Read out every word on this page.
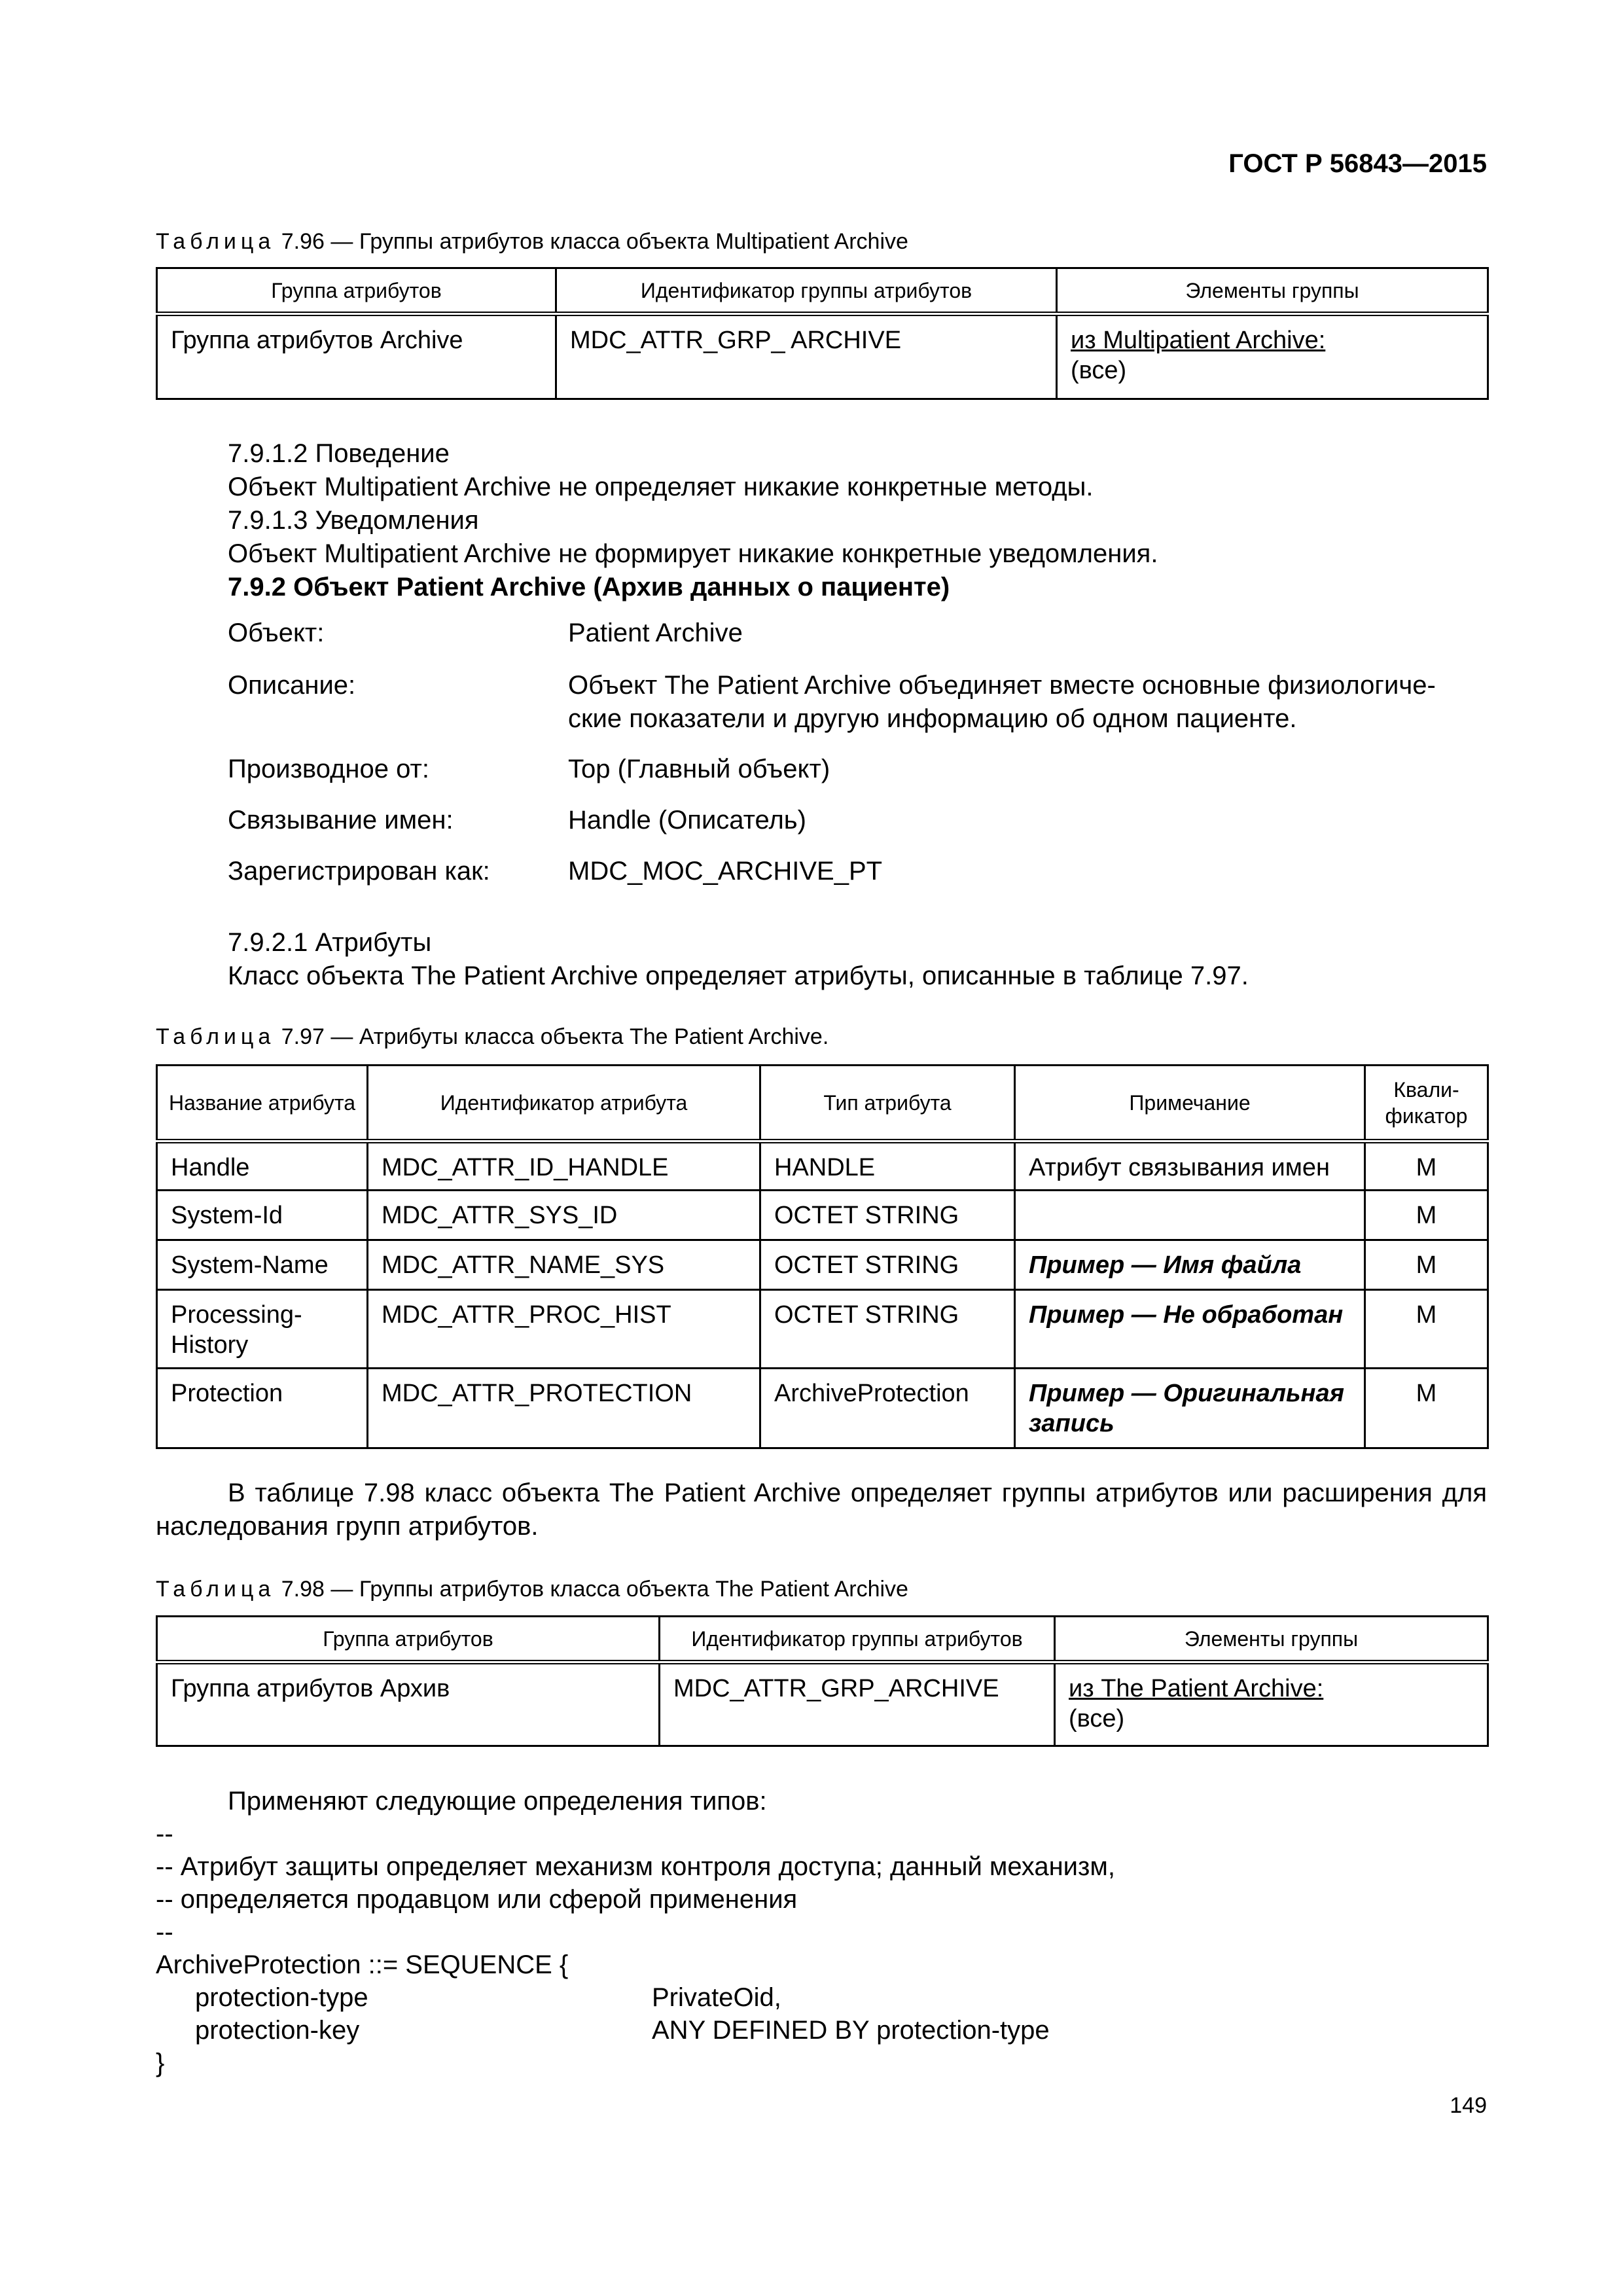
ГОСТ Р 56843—2015
Таблица 7.96 — Группы атрибутов класса объекта Multipatient Archive
Группа атрибутов	Идентификатор группы атрибутов	Элементы группы
Группа атрибутов Archive	MDC_ATTR_GRP_ ARCHIVE	из Multipatient Archive:
(все)
7.9.1.2 Поведение
Объект Multipatient Archive не определяет никакие конкретные методы.
7.9.1.3 Уведомления
Объект Multipatient Archive не формирует никакие конкретные уведомления.
7.9.2 Объект Patient Archive (Архив данных о пациенте)
Объект:	Patient Archive
Описание:	Объект The Patient Archive объединяет вместе основные физиологиче-
ские показатели и другую информацию об одном пациенте.
Производное от:	Top (Главный объект)
Связывание имен:	Handle (Описатель)
Зарегистрирован как:	MDC_MOC_ARCHIVE_PT
7.9.2.1 Атрибуты
Класс объекта The Patient Archive определяет атрибуты, описанные в таблице 7.97.
Таблица 7.97 — Атрибуты класса объекта The Patient Archive.
Название атрибута	Идентификатор атрибута	Тип атрибута	Примечание	Квали- фикатор
Handle	MDC_ATTR_ID_HANDLE	HANDLE	Атрибут связывания имен	M
System-Id	MDC_ATTR_SYS_ID	OCTET STRING		M
System-Name	MDC_ATTR_NAME_SYS	OCTET STRING	Пример — Имя файла	M
Processing-History	MDC_ATTR_PROC_HIST	OCTET STRING	Пример — Не обработан	M
Protection	MDC_ATTR_PROTECTION	ArchiveProtection	Пример — Оригинальная запись	M
В таблице 7.98 класс объекта The Patient Archive определяет группы атрибутов или расширения для наследования групп атрибутов.
Таблица 7.98 — Группы атрибутов класса объекта The Patient Archive
Группа атрибутов	Идентификатор группы атрибутов	Элементы группы
Группа атрибутов Архив	MDC_ATTR_GRP_ARCHIVE	из The Patient Archive:
(все)
Применяют следующие определения типов:
--
-- Атрибут защиты определяет механизм контроля доступа; данный механизм,
-- определяется продавцом или сферой применения
--
ArchiveProtection ::= SEQUENCE {
protection-type	PrivateOid,
protection-key	ANY DEFINED BY protection-type
}
149
